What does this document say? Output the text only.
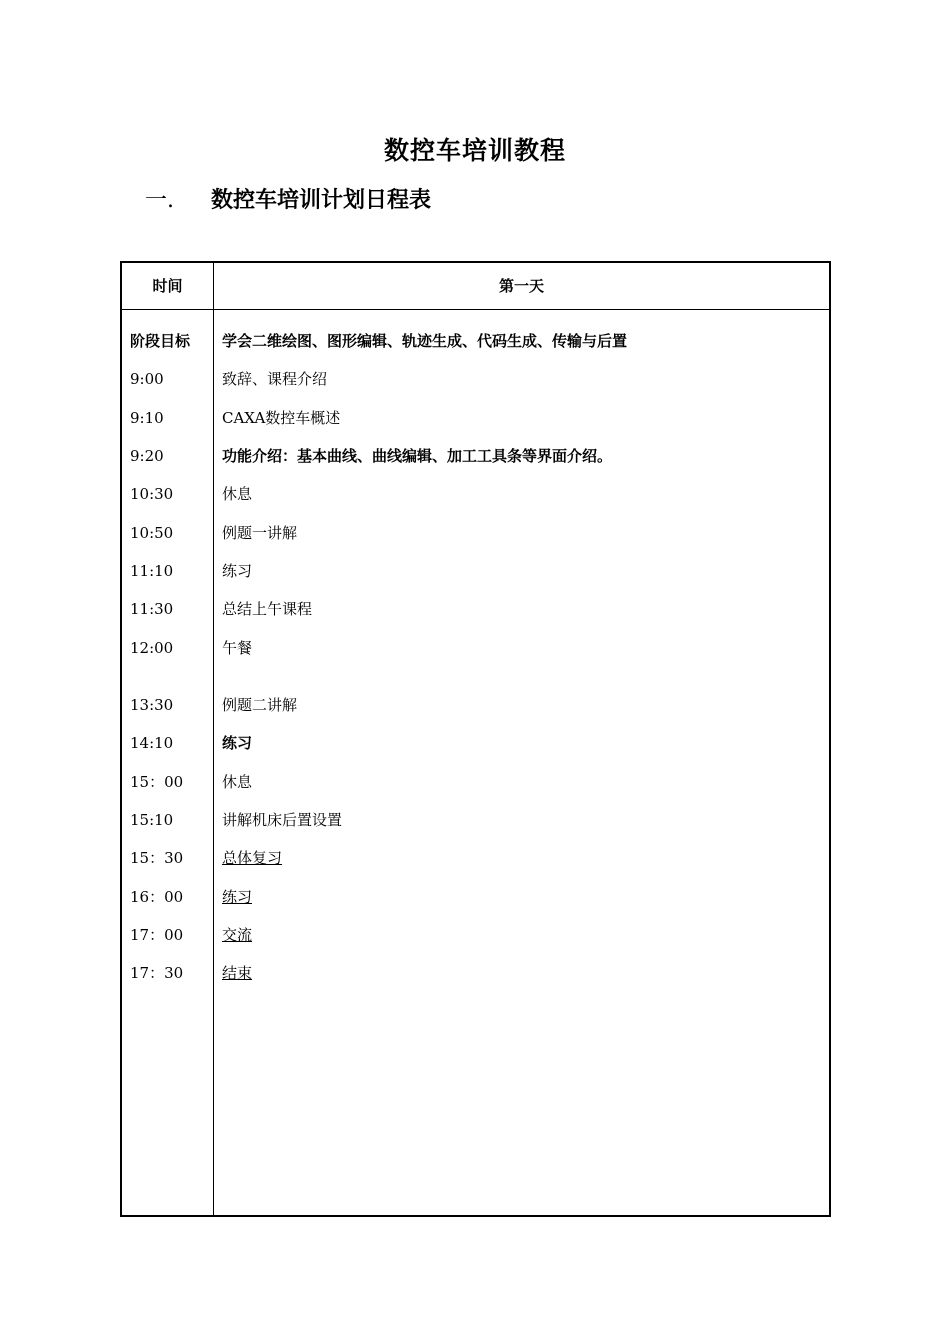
数控车培训教程
一. 数控车培训计划日程表
时间	第一天
阶段目标 学会二维绘图、图形编辑、轨迹生成、代码生成、传输与后置
9:00	致辞、课程介绍
9:10	CAXA数控车概述
9:20	功能介绍：基本曲线、曲线编辑、加工工具条等界面介绍。
10:30	休息
10:50	例题一讲解
11:10	练习
11:30	总结上午课程
12:00	午餐
13:30	例题二讲解
14:10	练习
15：00	休息
15:10	讲解机床后置设置
15：30	总体复习
16：00	练习
17：00	交流
17：30	结束
